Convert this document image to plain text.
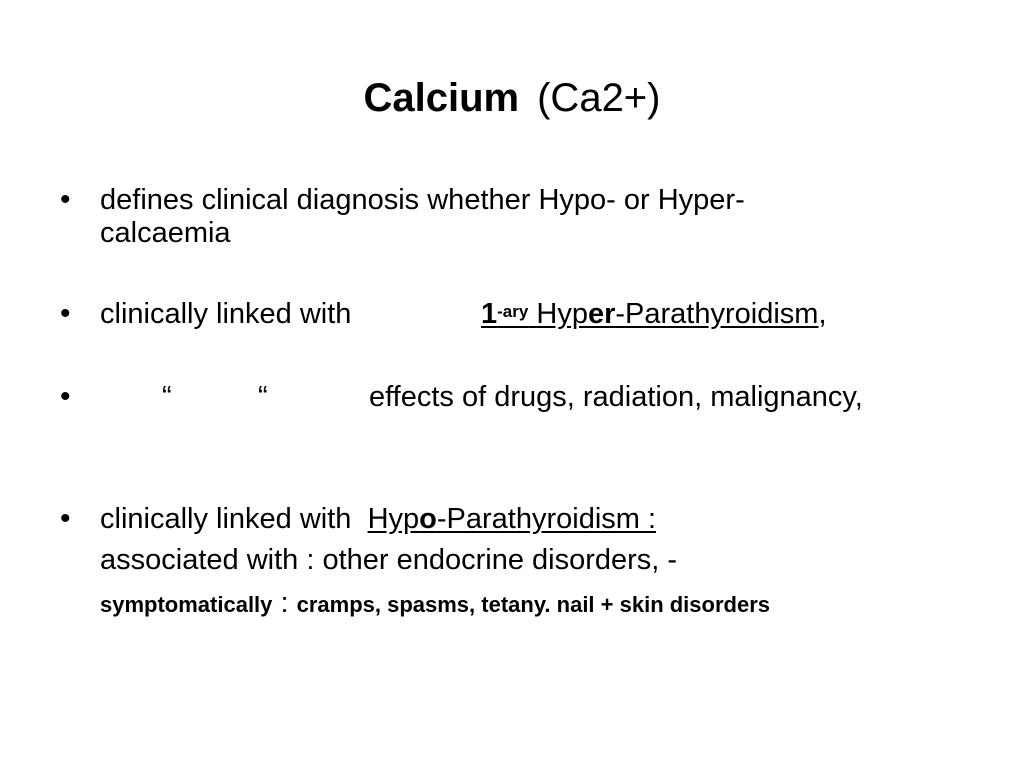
Calcium (Ca2+)
• defines clinical diagnosis whether Hypo- or Hyper-
calcaemia
• clinically linked with	$1^{-ary}$ Hyper-Parathyroidism,
•	“	“	effects of drugs, radiation, malignancy,
• clinically linked with Hypo-Parathyroidism :
associated with : other endocrine disorders, -
symptomatically : cramps, spasms, tetany. nail + skin disorders
